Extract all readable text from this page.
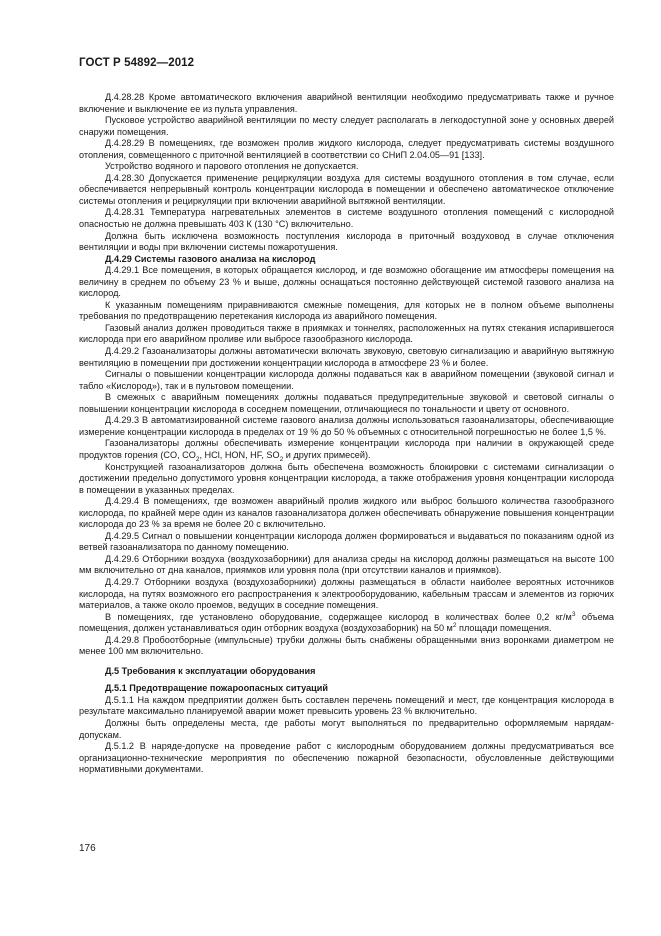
ГОСТ Р 54892—2012

Д.4.28.28 Кроме автоматического включения аварийной вентиляции необходимо предусматривать также и ручное включение и выключение ее из пульта управления.

Пусковое устройство аварийной вентиляции по месту следует располагать в легкодоступной зоне у основных дверей снаружи помещения.

Д.4.28.29 В помещениях, где возможен пролив жидкого кислорода, следует предусматривать системы воздушного отопления, совмещенного с приточной вентиляцией в соответствии со СНиП 2.04.05—91 [133].

Устройство водяного и парового отопления не допускается.

Д.4.28.30 Допускается применение рециркуляции воздуха для системы воздушного отопления в том случае, если обеспечивается непрерывный контроль концентрации кислорода в помещении и обеспечено автоматическое отключение системы отопления и рециркуляции при включении аварийной вытяжной вентиляции.

Д.4.28.31 Температура нагревательных элементов в системе воздушного отопления помещений с кислородной опасностью не должна превышать 403 К (130 °С) включительно.

Должна быть исключена возможность поступления кислорода в приточный воздуховод в случае отключения вентиляции и воды при включении системы пожаротушения.

Д.4.29 Системы газового анализа на кислород

Д.4.29.1 Все помещения, в которых обращается кислород, и где возможно обогащение им атмосферы помещения на величину в среднем по объему 23 % и выше, должны оснащаться постоянно действующей системой газового анализа на кислород.

К указанным помещениям приравниваются смежные помещения, для которых не в полном объеме выполнены требования по предотвращению перетекания кислорода из аварийного помещения.

Газовый анализ должен проводиться также в приямках и тоннелях, расположенных на путях стекания испарившегося кислорода при его аварийном проливе или выбросе газообразного кислорода.

Д.4.29.2 Газоанализаторы должны автоматически включать звуковую, световую сигнализацию и аварийную вытяжную вентиляцию в помещении при достижении концентрации кислорода в атмосфере 23 % и более.

Сигналы о повышении концентрации кислорода должны подаваться как в аварийном помещении (звуковой сигнал и табло «Кислород»), так и в пультовом помещении.

В смежных с аварийным помещениях должны подаваться предупредительные звуковой и световой сигналы о повышении концентрации кислорода в соседнем помещении, отличающиеся по тональности и цвету от основного.

Д.4.29.3 В автоматизированной системе газового анализа должны использоваться газоанализаторы, обеспечивающие измерение концентрации кислорода в пределах от 19 % до 50 % объемных с относительной погрешностью не более 1,5 %.

Газоанализаторы должны обеспечивать измерение концентрации кислорода при наличии в окружающей среде продуктов горения (CO, $CO_2$, HCl, HON, HF, $SO_2$ и других примесей).

Конструкцией газоанализаторов должна быть обеспечена возможность блокировки с системами сигнализации о достижении предельно допустимого уровня концентрации кислорода, а также отображения уровня концентрации кислорода в помещении в указанных пределах.

Д.4.29.4 В помещениях, где возможен аварийный пролив жидкого или выброс большого количества газообразного кислорода, по крайней мере один из каналов газоанализатора должен обеспечивать обнаружение повышения концентрации кислорода до 23 % за время не более 20 с включительно.

Д.4.29.5 Сигнал о повышении концентрации кислорода должен формироваться и выдаваться по показаниям одной из ветвей газоанализатора по данному помещению.

Д.4.29.6 Отборники воздуха (воздухозаборники) для анализа среды на кислород должны размещаться на высоте 100 мм включительно от дна каналов, приямков или уровня пола (при отсутствии каналов и приямков).

Д.4.29.7 Отборники воздуха (воздухозаборники) должны размещаться в области наиболее вероятных источников кислорода, на путях возможного его распространения к электрооборудованию, кабельным трассам и элементов из горючих материалов, а также около проемов, ведущих в соседние помещения.

В помещениях, где установлено оборудование, содержащее кислород в количествах более 0,2 $кг/м^3$ объема помещения, должен устанавливаться один отборник воздуха (воздухозаборник) на 50 $м^2$ площади помещения.

Д.4.29.8 Пробоотборные (импульсные) трубки должны быть снабжены обращенными вниз воронками диаметром не менее 100 мм включительно.

Д.5 Требования к эксплуатации оборудования

Д.5.1 Предотвращение пожароопасных ситуаций

Д.5.1.1 На каждом предприятии должен быть составлен перечень помещений и мест, где концентрация кислорода в результате максимально планируемой аварии может превысить уровень 23 % включительно.

Должны быть определены места, где работы могут выполняться по предварительно оформляемым нарядам-допускам.

Д.5.1.2 В наряде-допуске на проведение работ с кислородным оборудованием должны предусматриваться все организационно-технические мероприятия по обеспечению пожарной безопасности, обусловленные действующими нормативными документами.

176
